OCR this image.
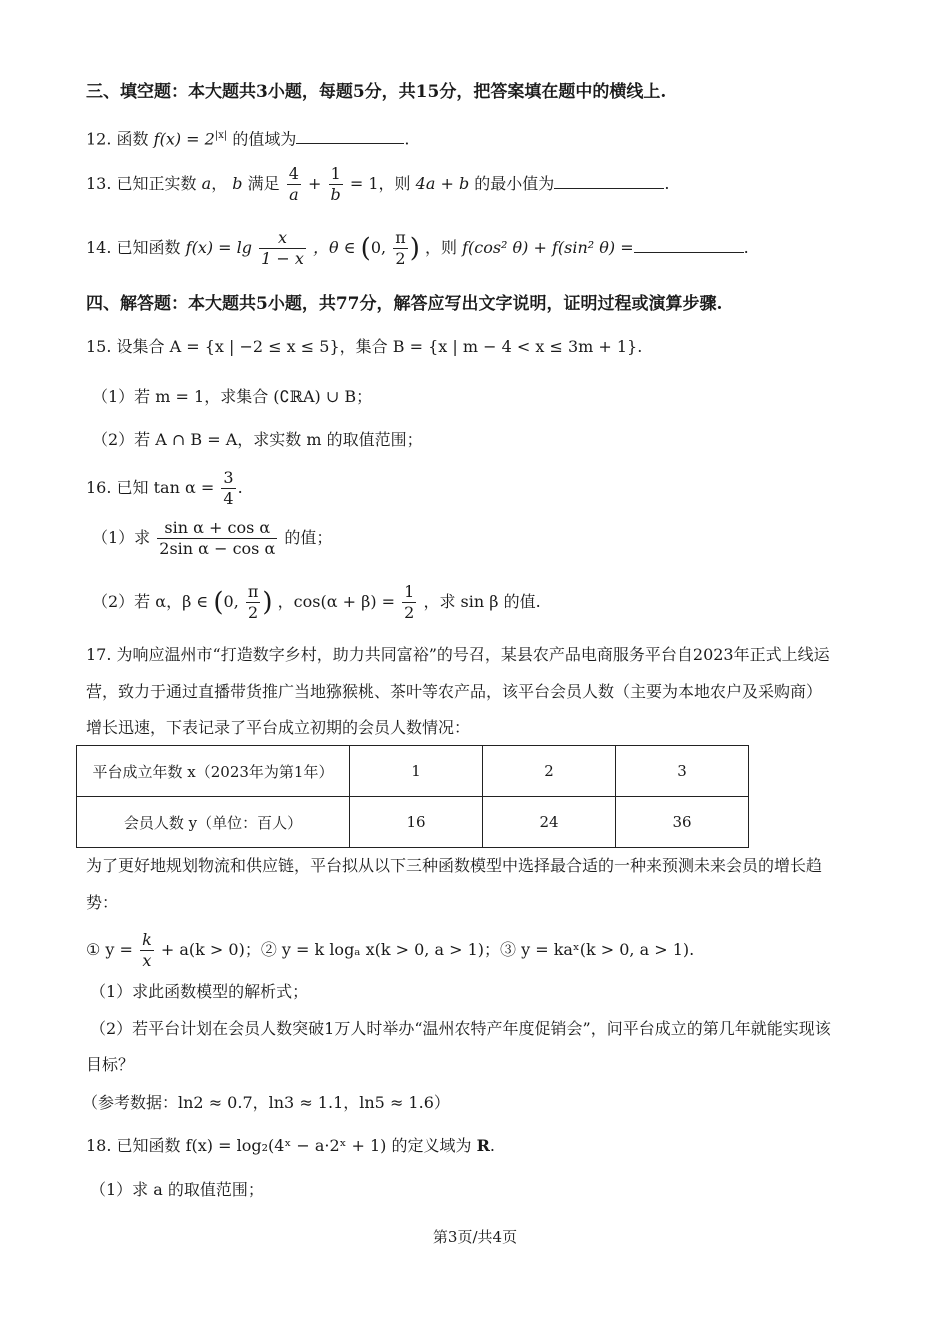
三、填空题：本大题共3小题，每题5分，共15分，把答案填在题中的横线上.
12. 函数 $f(x) = 2^{|x|}$ 的值域为	.
13. 已知正实数 a， b 满足 $\frac{4}{a} + \frac{1}{b} = 1$，则 4a + b 的最小值为	.
14. 已知函数 $f(x) = \lg \frac{x}{1 - x}$ ，θ ∈ (0, $\frac{\pi}{2}$ ) ，则 f(cos² θ) + f(sin² θ) =	.
四、解答题：本大题共5小题，共77分，解答应写出文字说明，证明过程或演算步骤.
15. 设集合 A = {x | −2 ≤ x ≤ 5}，集合 B = {x | m − 4 < x ≤ 3m + 1}.
（1）若 m = 1，求集合 (∁ℝA) ∪ B；
（2）若 A ∩ B = A，求实数 m 的取值范围；
16. 已知 $\tan \alpha = \frac{3}{4}$ .
（1）求 $\frac{\text{sin α + cos α}}{\text{2sin α − cos α}}$ 的值；
（2）若 α，β ∈ (0, $\frac{\pi}{2}$ ) ，$\cos(\alpha + \beta) = \frac{1}{2}$ ，求 sin β 的值.
17. 为响应温州市“打造数字乡村，助力共同富裕”的号召，某县农产品电商服务平台自2023年正式上线运
营，致力于通过直播带货推广当地猕猴桃、茶叶等农产品，该平台会员人数（主要为本地农户及采购商）
增长迅速，下表记录了平台成立初期的会员人数情况：
平台成立年数 x（2023年为第1年）	1	2	3
会员人数 y（单位：百人）	16	24	36
为了更好地规划物流和供应链，平台拟从以下三种函数模型中选择最合适的一种来预测未来会员的增长趋
势：
① $y = \frac{k}{x} + a(k > 0)$；② y = k logₐ x(k > 0, a > 1)；③ y = kaˣ(k > 0, a > 1).
（1）求此函数模型的解析式；
（2）若平台计划在会员人数突破1万人时举办“温州农特产年度促销会”，问平台成立的第几年就能实现该
目标？
（参考数据：ln2 ≈ 0.7，ln3 ≈ 1.1，ln5 ≈ 1.6）
18. 已知函数 f(x) = log₂(4ˣ − a·2ˣ + 1) 的定义域为 R.
（1）求 a 的取值范围；
第3页/共4页
